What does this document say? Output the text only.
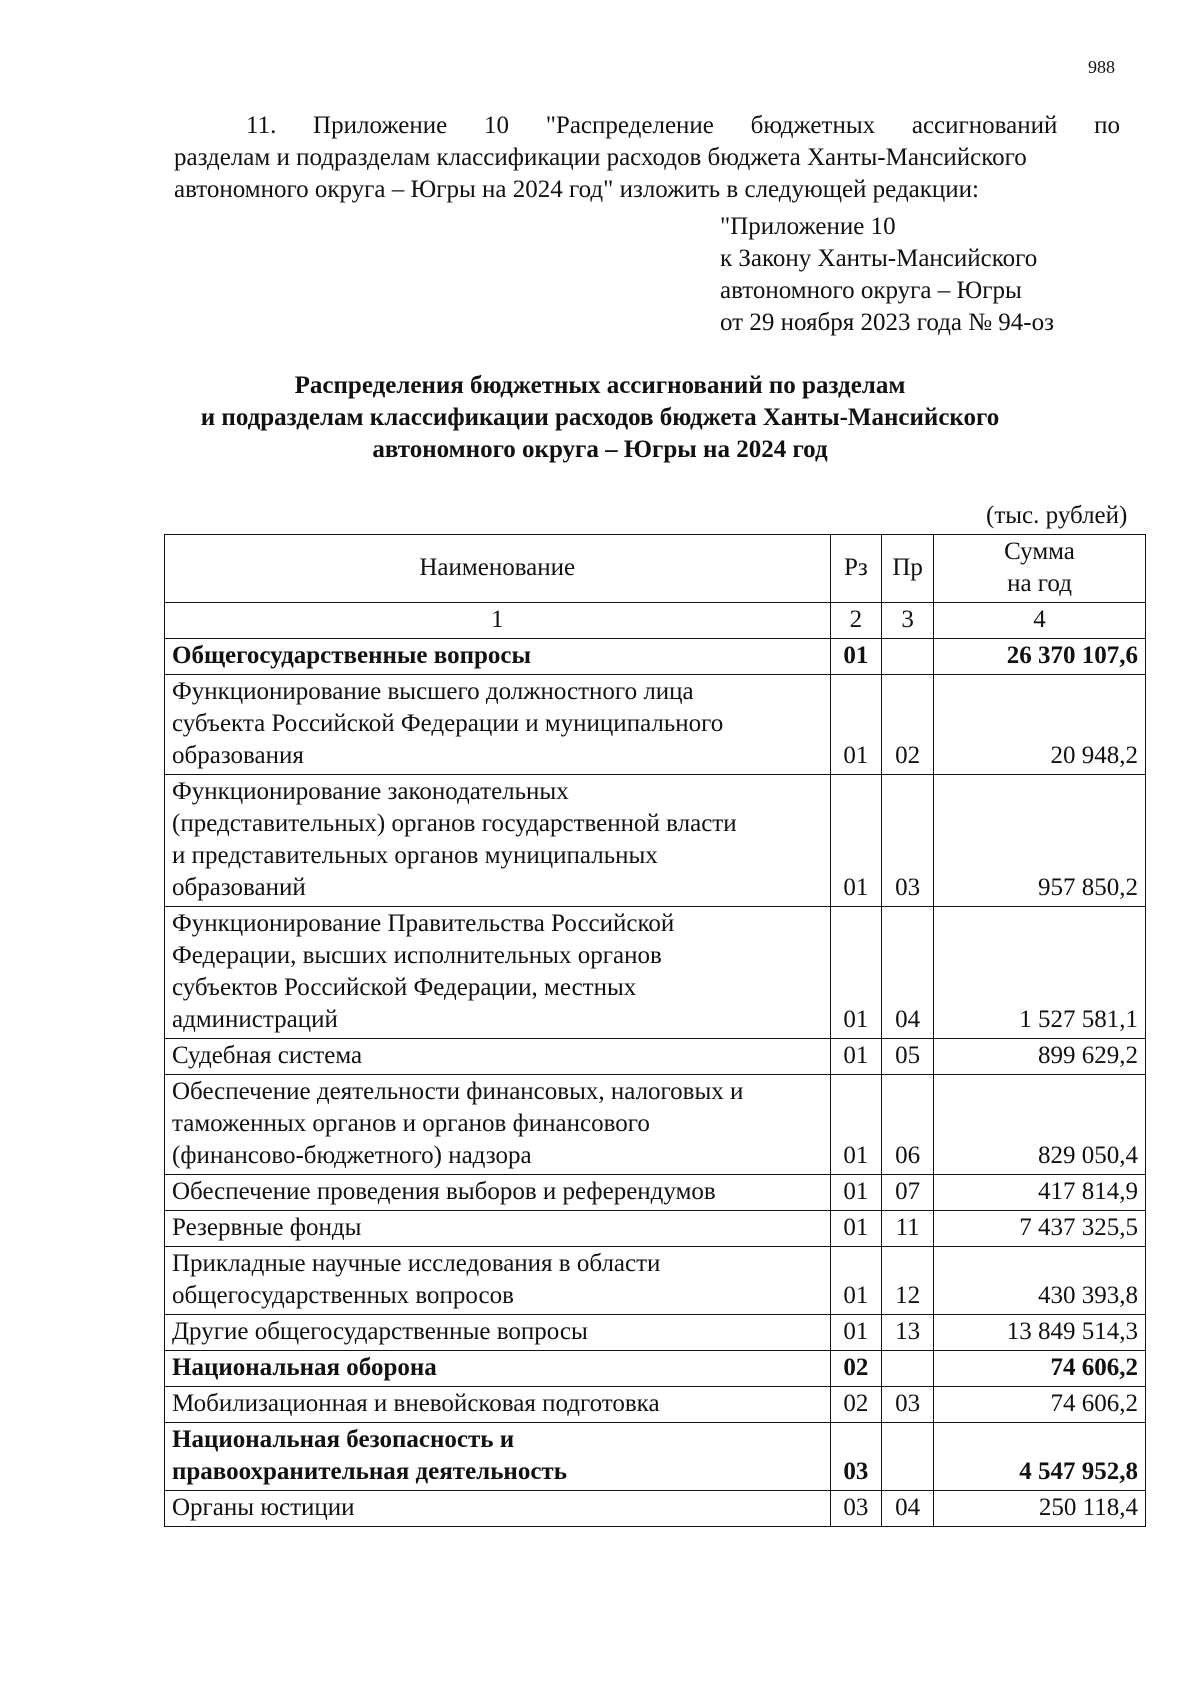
988
11. Приложение 10 "Распределение бюджетных ассигнований по
разделам и подразделам классификации расходов бюджета Ханты-Мансийского
автономного округа – Югры на 2024 год" изложить в следующей редакции:
"Приложение 10
к Закону Ханты-Мансийского
автономного округа – Югры
от 29 ноября 2023 года № 94-оз
Распределения бюджетных ассигнований по разделам
и подразделам классификации расходов бюджета Ханты-Мансийского
автономного округа – Югры на 2024 год
(тыс. рублей)
Наименование	Рз	Пр	Сумма
на год

1	2	3	4

Общегосударственные вопросы	01		26 370 107,6

Функционирование высшего должностного лица
субъекта Российской Федерации и муниципального
образования	01	02	20 948,2

Функционирование законодательных
(представительных) органов государственной власти
и представительных органов муниципальных
образований	01	03	957 850,2

Функционирование Правительства Российской
Федерации, высших исполнительных органов
субъектов Российской Федерации, местных
администраций	01	04	1 527 581,1

Судебная система	01	05	899 629,2

Обеспечение деятельности финансовых, налоговых и
таможенных органов и органов финансового
(финансово-бюджетного) надзора	01	06	829 050,4

Обеспечение проведения выборов и референдумов	01	07	417 814,9

Резервные фонды	01	11	7 437 325,5

Прикладные научные исследования в области
общегосударственных вопросов	01	12	430 393,8

Другие общегосударственные вопросы	01	13	13 849 514,3

Национальная оборона	02		74 606,2

Мобилизационная и вневойсковая подготовка	02	03	74 606,2

Национальная безопасность и
правоохранительная деятельность	03		4 547 952,8

Органы юстиции	03	04	250 118,4
